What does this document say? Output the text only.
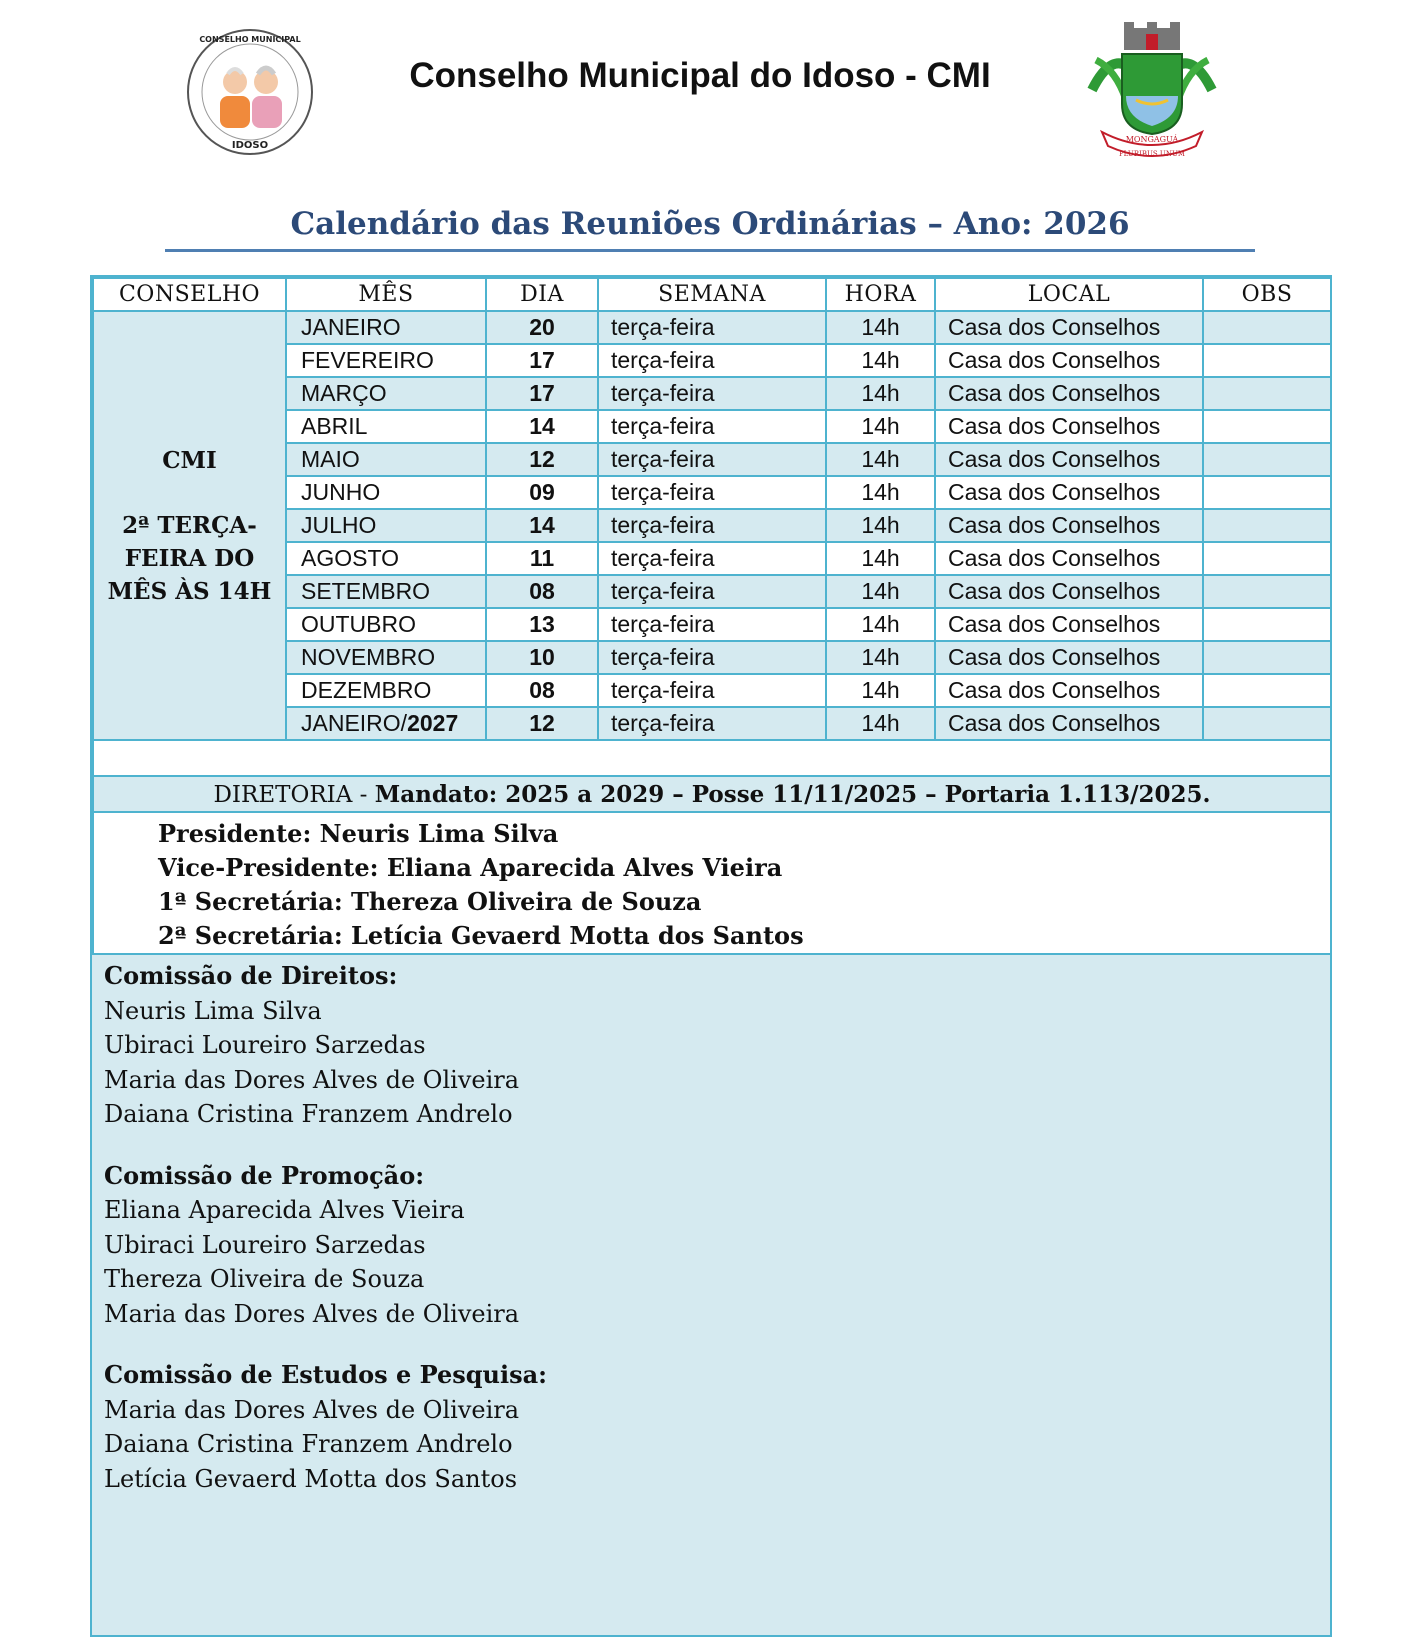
CONSELHO MUNICIPAL
IDOSO
Conselho Municipal do Idoso - CMI
MONGAGUÁ
PLURIBUS UNUM
Calendário das Reuniões Ordinárias – Ano: 2026
CONSELHO	MÊS	DIA	SEMANA	HORA	LOCAL	OBS

CMI
2ª TERÇA-FEIRA DO MÊS ÀS 14H	JANEIRO	20	terça-feira	14h	Casa dos Conselhos	
	FEVEREIRO	17	terça-feira	14h	Casa dos Conselhos	
	MARÇO	17	terça-feira	14h	Casa dos Conselhos	
	ABRIL	14	terça-feira	14h	Casa dos Conselhos	
	MAIO	12	terça-feira	14h	Casa dos Conselhos	
	JUNHO	09	terça-feira	14h	Casa dos Conselhos	
	JULHO	14	terça-feira	14h	Casa dos Conselhos	
	AGOSTO	11	terça-feira	14h	Casa dos Conselhos	
	SETEMBRO	08	terça-feira	14h	Casa dos Conselhos	
	OUTUBRO	13	terça-feira	14h	Casa dos Conselhos	
	NOVEMBRO	10	terça-feira	14h	Casa dos Conselhos	
	DEZEMBRO	08	terça-feira	14h	Casa dos Conselhos	
	JANEIRO/2027	12	terça-feira	14h	Casa dos Conselhos	

DIRETORIA - Mandato: 2025 a 2029 – Posse 11/11/2025 – Portaria 1.113/2025.						

Presidente: Neuris Lima Silva
Vice-Presidente: Eliana Aparecida Alves Vieira
1ª Secretária: Thereza Oliveira de Souza
2ª Secretária: Letícia Gevaerd Motta dos Santos						
Comissão de Direitos:
Neuris Lima Silva
Ubiraci Loureiro Sarzedas
Maria das Dores Alves de Oliveira
Daiana Cristina Franzem Andrelo
Comissão de Promoção:
Eliana Aparecida Alves Vieira
Ubiraci Loureiro Sarzedas
Thereza Oliveira de Souza
Maria das Dores Alves de Oliveira
Comissão de Estudos e Pesquisa:
Maria das Dores Alves de Oliveira
Daiana Cristina Franzem Andrelo
Letícia Gevaerd Motta dos Santos
